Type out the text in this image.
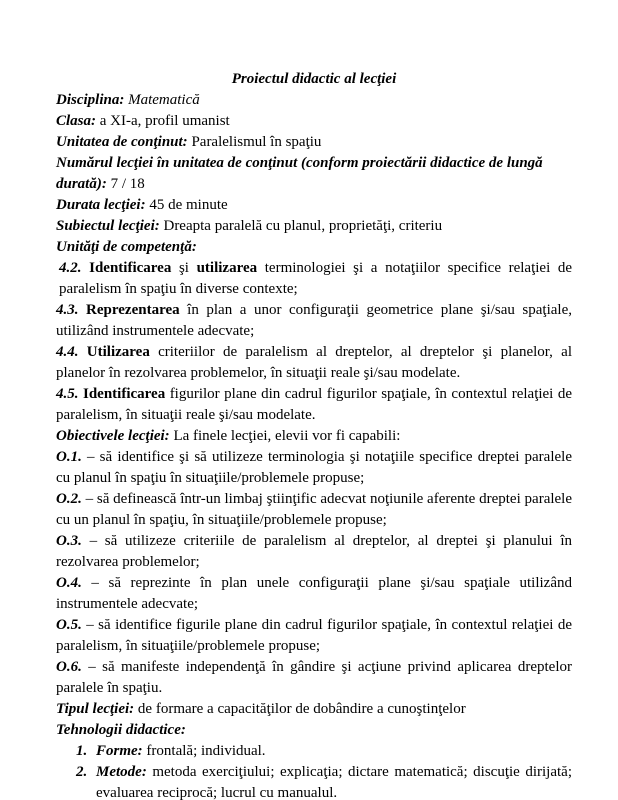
Proiectul didactic al lecţiei

Disciplina: Matematică

Clasa: a XI-a, profil umanist

Unitatea de conţinut: Paralelismul în spaţiu

Numărul lecţiei în unitatea de conţinut (conform proiectării didactice de lungă durată): 7 / 18

Durata lecţiei: 45 de minute

Subiectul lecţiei: Dreapta paralelă cu planul, proprietăţi, criteriu

Unităţi de competenţă:

4.2. Identificarea şi utilizarea terminologiei şi a notaţiilor specifice relaţiei de paralelism în spaţiu în diverse contexte;

4.3. Reprezentarea în plan a unor configuraţii geometrice plane şi/sau spaţiale, utilizând instrumentele adecvate;

4.4. Utilizarea criteriilor de paralelism al dreptelor, al dreptelor şi planelor, al planelor în rezolvarea problemelor, în situaţii reale şi/sau modelate.

4.5. Identificarea figurilor plane din cadrul figurilor spaţiale, în contextul relaţiei de paralelism, în situaţii reale şi/sau modelate.

Obiectivele lecţiei: La finele lecţiei, elevii vor fi capabili:

O.1. – să identifice şi să utilizeze terminologia şi notaţiile specifice dreptei paralele cu planul în spaţiu în situaţiile/problemele propuse;

O.2. – să definească într-un limbaj ştiinţific adecvat noţiunile aferente dreptei paralele cu un planul în spaţiu, în situaţiile/problemele propuse;

O.3. – să utilizeze criteriile de paralelism al dreptelor, al dreptei şi planului în rezolvarea problemelor;

O.4. – să reprezinte în plan unele configuraţii plane şi/sau spaţiale utilizând instrumentele adecvate;

O.5. – să identifice figurile plane din cadrul figurilor spaţiale, în contextul relaţiei de paralelism, în situaţiile/problemele propuse;

O.6. – să manifeste independenţă în gândire şi acţiune privind aplicarea dreptelor paralele în spaţiu.

Tipul lecţiei: de formare a capacităţilor de dobândire a cunoştinţelor

Tehnologii didactice:

1. Forme: frontală; individual.
2. Metode: metoda exerciţiului; explicaţia; dictare matematică; discuţie dirijată; evaluarea reciprocă; lucrul cu manualul.
